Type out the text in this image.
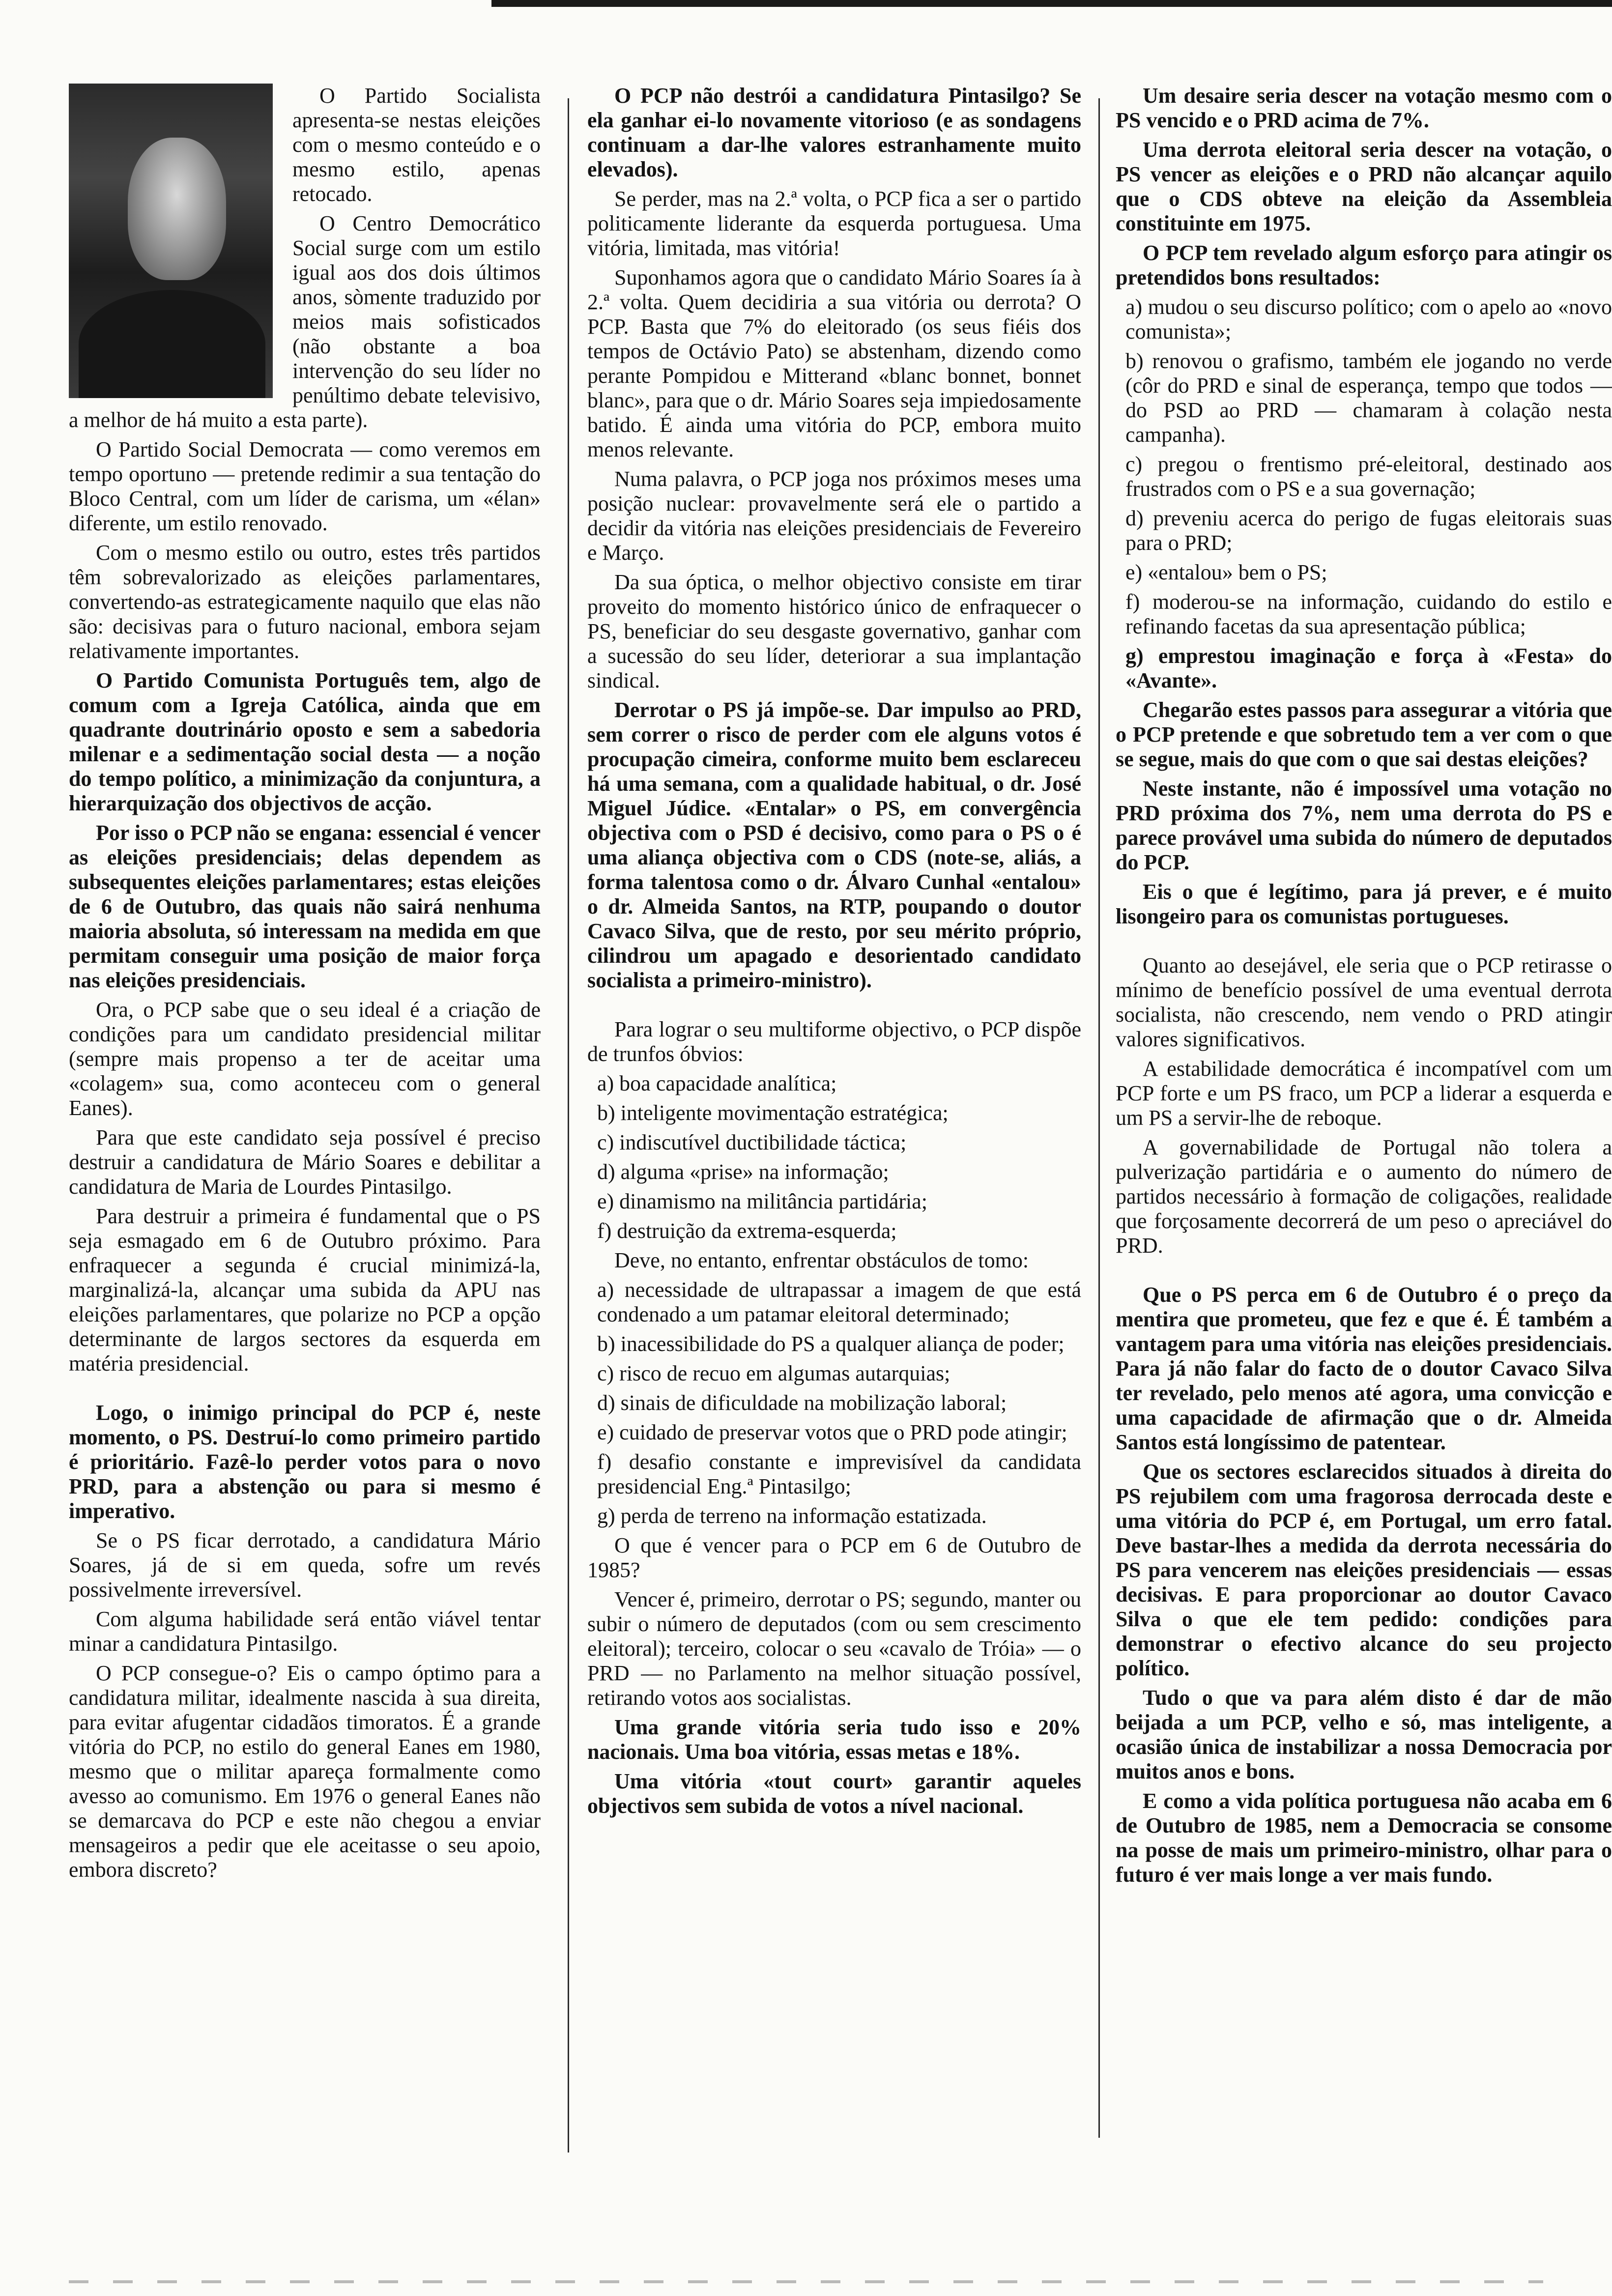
O Partido Socialista apresenta-se nestas eleições com o mesmo conteúdo e o mesmo estilo, apenas retocado.

O Centro Democrático Social surge com um estilo igual aos dos dois últimos anos, sòmente traduzido por meios mais sofisticados (não obstante a boa intervenção do seu líder no penúltimo debate televisivo, a melhor de há muito a esta parte).

O Partido Social Democrata — como veremos em tempo oportuno — pretende redimir a sua tentação do Bloco Central, com um líder de carisma, um «élan» diferente, um estilo renovado.

Com o mesmo estilo ou outro, estes três partidos têm sobrevalorizado as eleições parlamentares, convertendo-as estrategicamente naquilo que elas não são: decisivas para o futuro nacional, embora sejam relativamente importantes.

O Partido Comunista Português tem, algo de comum com a Igreja Católica, ainda que em quadrante doutrinário oposto e sem a sabedoria milenar e a sedimentação social desta — a noção do tempo político, a minimização da conjuntura, a hierarquização dos objectivos de acção.

Por isso o PCP não se engana: essencial é vencer as eleições presidenciais; delas dependem as subsequentes eleições parlamentares; estas eleições de 6 de Outubro, das quais não sairá nenhuma maioria absoluta, só interessam na medida em que permitam conseguir uma posição de maior força nas eleições presidenciais.

Ora, o PCP sabe que o seu ideal é a criação de condições para um candidato presidencial militar (sempre mais propenso a ter de aceitar uma «colagem» sua, como aconteceu com o general Eanes).

Para que este candidato seja possível é preciso destruir a candidatura de Mário Soares e debilitar a candidatura de Maria de Lourdes Pintasilgo.

Para destruir a primeira é fundamental que o PS seja esmagado em 6 de Outubro próximo. Para enfraquecer a segunda é crucial minimizá-la, marginalizá-la, alcançar uma subida da APU nas eleições parlamentares, que polarize no PCP a opção determinante de largos sectores da esquerda em matéria presidencial.

Logo, o inimigo principal do PCP é, neste momento, o PS. Destruí-lo como primeiro partido é prioritário. Fazê-lo perder votos para o novo PRD, para a abstenção ou para si mesmo é imperativo.

Se o PS ficar derrotado, a candidatura Mário Soares, já de si em queda, sofre um revés possivelmente irreversível.

Com alguma habilidade será então viável tentar minar a candidatura Pintasilgo.

O PCP consegue-o? Eis o campo óptimo para a candidatura militar, idealmente nascida à sua direita, para evitar afugentar cidadãos timoratos. É a grande vitória do PCP, no estilo do general Eanes em 1980, mesmo que o militar apareça formalmente como avesso ao comunismo. Em 1976 o general Eanes não se demarcava do PCP e este não chegou a enviar mensageiros a pedir que ele aceitasse o seu apoio, embora discreto?

O PCP não destrói a candidatura Pintasilgo? Se ela ganhar ei-lo novamente vitorioso (e as sondagens continuam a dar-lhe valores estranhamente muito elevados).

Se perder, mas na 2.ª volta, o PCP fica a ser o partido politicamente liderante da esquerda portuguesa. Uma vitória, limitada, mas vitória!

Suponhamos agora que o candidato Mário Soares ía à 2.ª volta. Quem decidiria a sua vitória ou derrota? O PCP. Basta que 7% do eleitorado (os seus fiéis dos tempos de Octávio Pato) se abstenham, dizendo como perante Pompidou e Mitterand «blanc bonnet, bonnet blanc», para que o dr. Mário Soares seja impiedosamente batido. É ainda uma vitória do PCP, embora muito menos relevante.

Numa palavra, o PCP joga nos próximos meses uma posição nuclear: provavelmente será ele o partido a decidir da vitória nas eleições presidenciais de Fevereiro e Março.

Da sua óptica, o melhor objectivo consiste em tirar proveito do momento histórico único de enfraquecer o PS, beneficiar do seu desgaste governativo, ganhar com a sucessão do seu líder, deteriorar a sua implantação sindical.

Derrotar o PS já impõe-se. Dar impulso ao PRD, sem correr o risco de perder com ele alguns votos é procupação cimeira, conforme muito bem esclareceu há uma semana, com a qualidade habitual, o dr. José Miguel Júdice. «Entalar» o PS, em convergência objectiva com o PSD é decisivo, como para o PS o é uma aliança objectiva com o CDS (note-se, aliás, a forma talentosa como o dr. Álvaro Cunhal «entalou» o dr. Almeida Santos, na RTP, poupando o doutor Cavaco Silva, que de resto, por seu mérito próprio, cilindrou um apagado e desorientado candidato socialista a primeiro-ministro).

Para lograr o seu multiforme objectivo, o PCP dispõe de trunfos óbvios:

a) boa capacidade analítica;

b) inteligente movimentação estratégica;

c) indiscutível ductibilidade táctica;

d) alguma «prise» na informação;

e) dinamismo na militância partidária;

f) destruição da extrema-esquerda;

Deve, no entanto, enfrentar obstáculos de tomo:

a) necessidade de ultrapassar a imagem de que está condenado a um patamar eleitoral determinado;

b) inacessibilidade do PS a qualquer aliança de poder;

c) risco de recuo em algumas autarquias;

d) sinais de dificuldade na mobilização laboral;

e) cuidado de preservar votos que o PRD pode atingir;

f) desafio constante e imprevisível da candidata presidencial Eng.ª Pintasilgo;

g) perda de terreno na informação estatizada.

O que é vencer para o PCP em 6 de Outubro de 1985?

Vencer é, primeiro, derrotar o PS; segundo, manter ou subir o número de deputados (com ou sem crescimento eleitoral); terceiro, colocar o seu «cavalo de Tróia» — o PRD — no Parlamento na melhor situação possível, retirando votos aos socialistas.

Uma grande vitória seria tudo isso e 20% nacionais. Uma boa vitória, essas metas e 18%.

Uma vitória «tout court» garantir aqueles objectivos sem subida de votos a nível nacional.

Um desaire seria descer na votação mesmo com o PS vencido e o PRD acima de 7%.

Uma derrota eleitoral seria descer na votação, o PS vencer as eleições e o PRD não alcançar aquilo que o CDS obteve na eleição da Assembleia constituinte em 1975.

O PCP tem revelado algum esforço para atingir os pretendidos bons resultados:

a) mudou o seu discurso político; com o apelo ao «novo comunista»;

b) renovou o grafismo, também ele jogando no verde (côr do PRD e sinal de esperança, tempo que todos — do PSD ao PRD — chamaram à colação nesta campanha).

c) pregou o frentismo pré-eleitoral, destinado aos frustrados com o PS e a sua governação;

d) preveniu acerca do perigo de fugas eleitorais suas para o PRD;

e) «entalou» bem o PS;

f) moderou-se na informação, cuidando do estilo e refinando facetas da sua apresentação pública;

g) emprestou imaginação e força à «Festa» do «Avante».

Chegarão estes passos para assegurar a vitória que o PCP pretende e que sobretudo tem a ver com o que se segue, mais do que com o que sai destas eleições?

Neste instante, não é impossível uma votação no PRD próxima dos 7%, nem uma derrota do PS e parece provável uma subida do número de deputados do PCP.

Eis o que é legítimo, para já prever, e é muito lisongeiro para os comunistas portugueses.

Quanto ao desejável, ele seria que o PCP retirasse o mínimo de benefício possível de uma eventual derrota socialista, não crescendo, nem vendo o PRD atingir valores significativos.

A estabilidade democrática é incompatível com um PCP forte e um PS fraco, um PCP a liderar a esquerda e um PS a servir-lhe de reboque.

A governabilidade de Portugal não tolera a pulverização partidária e o aumento do número de partidos necessário à formação de coligações, realidade que forçosamente decorrerá de um peso o apreciável do PRD.

Que o PS perca em 6 de Outubro é o preço da mentira que prometeu, que fez e que é. É também a vantagem para uma vitória nas eleições presidenciais. Para já não falar do facto de o doutor Cavaco Silva ter revelado, pelo menos até agora, uma convicção e uma capacidade de afirmação que o dr. Almeida Santos está longíssimo de patentear.

Que os sectores esclarecidos situados à direita do PS rejubilem com uma fragorosa derrocada deste e uma vitória do PCP é, em Portugal, um erro fatal. Deve bastar-lhes a medida da derrota necessária do PS para vencerem nas eleições presidenciais — essas decisivas. E para proporcionar ao doutor Cavaco Silva o que ele tem pedido: condições para demonstrar o efectivo alcance do seu projecto político.

Tudo o que va para além disto é dar de mão beijada a um PCP, velho e só, mas inteligente, a ocasião única de instabilizar a nossa Democracia por muitos anos e bons.

E como a vida política portuguesa não acaba em 6 de Outubro de 1985, nem a Democracia se consome na posse de mais um primeiro-ministro, olhar para o futuro é ver mais longe a ver mais fundo.
